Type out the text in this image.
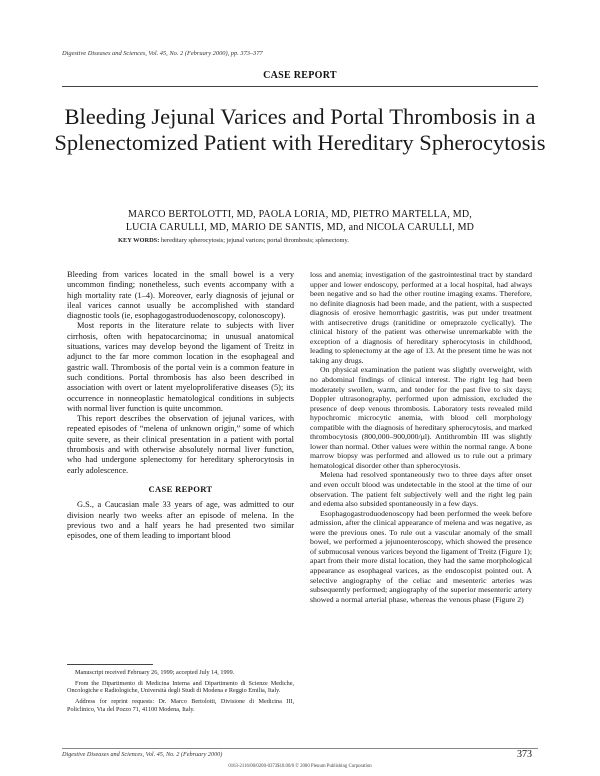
Digestive Diseases and Sciences, Vol. 45, No. 2 (February 2000), pp. 373–377
CASE REPORT
Bleeding Jejunal Varices and Portal Thrombosis in a Splenectomized Patient with Hereditary Spherocytosis
MARCO BERTOLOTTI, MD, PAOLA LORIA, MD, PIETRO MARTELLA, MD,
LUCIA CARULLI, MD, MARIO DE SANTIS, MD, and NICOLA CARULLI, MD
KEY WORDS: hereditary spherocytosis; jejunal varices; portal thrombosis; splenectomy.

Bleeding from varices located in the small bowel is a very uncommon finding; nonetheless, such events accompany with a high mortality rate (1–4). Moreover, early diagnosis of jejunal or ileal varices cannot usually be accomplished with standard diagnostic tools (ie, esophagogastroduodenoscopy, colonoscopy).

Most reports in the literature relate to subjects with liver cirrhosis, often with hepatocarcinoma; in unusual anatomical situations, varices may develop beyond the ligament of Treitz in adjunct to the far more common location in the esophageal and gastric wall. Thrombosis of the portal vein is a common feature in such conditions. Portal thrombosis has also been described in association with overt or latent myeloproliferative diseases (5); its occurrence in nonneoplastic hematological conditions in subjects with normal liver function is quite uncommon.

This report describes the observation of jejunal varices, with repeated episodes of “melena of unknown origin,” some of which quite severe, as their clinical presentation in a patient with portal thrombosis and with otherwise absolutely normal liver function, who had undergone splenectomy for hereditary spherocytosis in early adolescence.

CASE REPORT

G.S., a Caucasian male 33 years of age, was admitted to our division nearly two weeks after an episode of melena. In the previous two and a half years he had presented two similar episodes, one of them leading to important blood

Manuscript received February 26, 1999; accepted July 14, 1999.

From the Dipartimento di Medicina Interna and Dipartimento di Scienze Mediche, Oncologiche e Radiologiche, Università degli Studi di Modena e Reggio Emilia, Italy.

Address for reprint requests: Dr. Marco Bertolotti, Divisione di Medicina III, Policlinico, Via del Pozzo 71, 41100 Modena, Italy.

loss and anemia; investigation of the gastrointestinal tract by standard upper and lower endoscopy, performed at a local hospital, had always been negative and so had the other routine imaging exams. Therefore, no definite diagnosis had been made, and the patient, with a suspected diagnosis of erosive hemorrhagic gastritis, was put under treatment with antisecretive drugs (ranitidine or omeprazole cyclically). The clinical history of the patient was otherwise unremarkable with the exception of a diagnosis of hereditary spherocytosis in childhood, leading to splenectomy at the age of 13. At the present time he was not taking any drugs.

On physical examination the patient was slightly overweight, with no abdominal findings of clinical interest. The right leg had been moderately swollen, warm, and tender for the past five to six days; Doppler ultrasonography, performed upon admission, excluded the presence of deep venous thrombosis. Laboratory tests revealed mild hypochromic microcytic anemia, with blood cell morphology compatible with the diagnosis of hereditary spherocytosis, and marked thrombocytosis (800,000–900,000/μl). Antithrombin III was slightly lower than normal. Other values were within the normal range. A bone marrow biopsy was performed and allowed us to rule out a primary hematological disorder other than spherocytosis.

Melena had resolved spontaneously two to three days after onset and even occult blood was undetectable in the stool at the time of our observation. The patient felt subjectively well and the right leg pain and edema also subsided spontaneously in a few days.

Esophagogastroduodenoscopy had been performed the week before admission, after the clinical appearance of melena and was negative, as were the previous ones. To rule out a vascular anomaly of the small bowel, we performed a jejunoenteroscopy, which showed the presence of submucosal venous varices beyond the ligament of Treitz (Figure 1); apart from their more distal location, they had the same morphological appearance as esophageal varices, as the endoscopist pointed out. A selective angiography of the celiac and mesenteric arteries was subsequently performed; angiography of the superior mesenteric artery showed a normal arterial phase, whereas the venous phase (Figure 2)

Digestive Diseases and Sciences, Vol. 45, No. 2 (February 2000)	373
0163-2116/00/0200-0373$18.00/0 © 2000 Plenum Publishing Corporation
